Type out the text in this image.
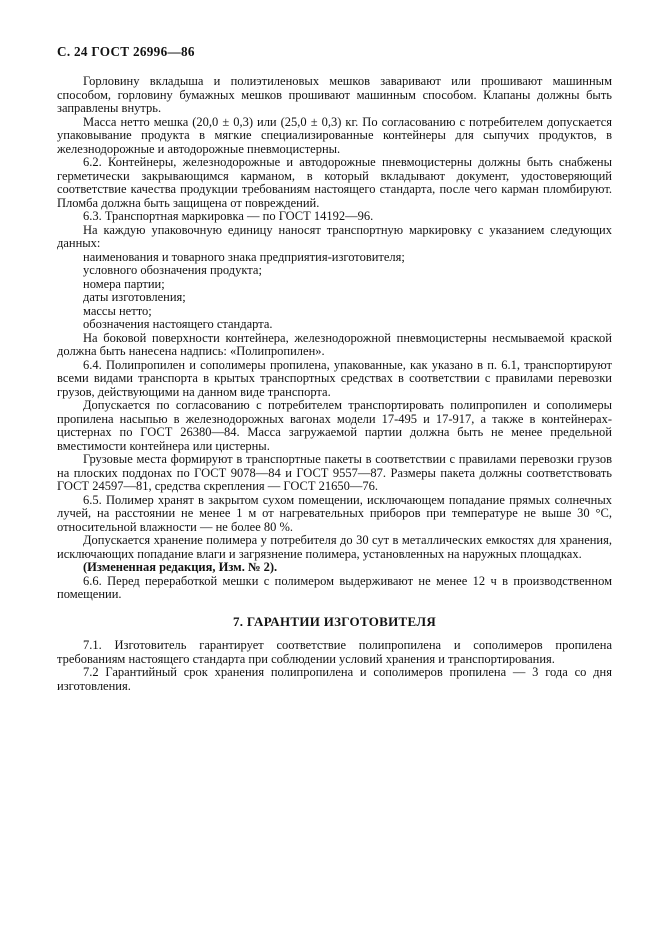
С. 24 ГОСТ 26996—86

Горловину вкладыша и полиэтиленовых мешков заваривают или прошивают машинным способом, горловину бумажных мешков прошивают машинным способом. Клапаны должны быть заправлены внутрь.

Масса нетто мешка (20,0 ± 0,3) или (25,0 ± 0,3) кг. По согласованию с потребителем допускается упаковывание продукта в мягкие специализированные контейнеры для сыпучих продуктов, в железнодорожные и автодорожные пневмоцистерны.

6.2. Контейнеры, железнодорожные и автодорожные пневмоцистерны должны быть снабжены герметически закрывающимся карманом, в который вкладывают документ, удостоверяющий соответствие качества продукции требованиям настоящего стандарта, после чего карман пломбируют. Пломба должна быть защищена от повреждений.

6.3. Транспортная маркировка — по ГОСТ 14192—96.

На каждую упаковочную единицу наносят транспортную маркировку с указанием следующих данных:

наименования и товарного знака предприятия-изготовителя;

условного обозначения продукта;

номера партии;

даты изготовления;

массы нетто;

обозначения настоящего стандарта.

На боковой поверхности контейнера, железнодорожной пневмоцистерны несмываемой краской должна быть нанесена надпись: «Полипропилен».

6.4. Полипропилен и сополимеры пропилена, упакованные, как указано в п. 6.1, транспортируют всеми видами транспорта в крытых транспортных средствах в соответствии с правилами перевозки грузов, действующими на данном виде транспорта.

Допускается по согласованию с потребителем транспортировать полипропилен и сополимеры пропилена насыпью в железнодорожных вагонах модели 17-495 и 17-917, а также в контейнерах-цистернах по ГОСТ 26380—84. Масса загружаемой партии должна быть не менее предельной вместимости контейнера или цистерны.

Грузовые места формируют в транспортные пакеты в соответствии с правилами перевозки грузов на плоских поддонах по ГОСТ 9078—84 и ГОСТ 9557—87. Размеры пакета должны соответствовать ГОСТ 24597—81, средства скрепления — ГОСТ 21650—76.

6.5. Полимер хранят в закрытом сухом помещении, исключающем попадание прямых солнечных лучей, на расстоянии не менее 1 м от нагревательных приборов при температуре не выше 30 °С, относительной влажности — не более 80 %.

Допускается хранение полимера у потребителя до 30 сут в металлических емкостях для хранения, исключающих попадание влаги и загрязнение полимера, установленных на наружных площадках.

(Измененная редакция, Изм. № 2).

6.6. Перед переработкой мешки с полимером выдерживают не менее 12 ч в производственном помещении.

7. ГАРАНТИИ ИЗГОТОВИТЕЛЯ

7.1. Изготовитель гарантирует соответствие полипропилена и сополимеров пропилена требованиям настоящего стандарта при соблюдении условий хранения и транспортирования.

7.2 Гарантийный срок хранения полипропилена и сополимеров пропилена — 3 года со дня изготовления.
